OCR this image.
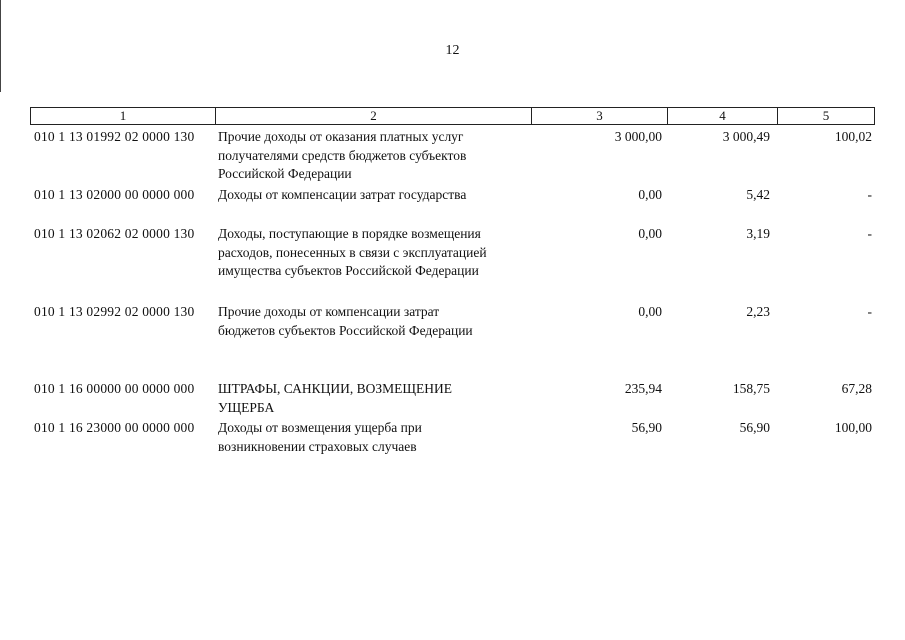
12
1	2	3	4	5
010 1 13 01992 02 0000 130 Прочие доходы от оказания платных услуг
получателями средств бюджетов субъектов
Российской Федерации
3 000,00	3 000,49	100,02
010 1 13 02000 00 0000 000 Доходы от компенсации затрат государства	0,00	5,42	-
010 1 13 02062 02 0000 130 Доходы, поступающие в порядке возмещения
расходов, понесенных в связи с эксплуатацией
имущества субъектов Российской Федерации
0,00	3,19	-
010 1 13 02992 02 0000 130 Прочие доходы от компенсации затрат
бюджетов субъектов Российской Федерации
0,00	2,23	-
010 1 16 00000 00 0000 000 ШТРАФЫ, САНКЦИИ, ВОЗМЕЩЕНИЕ
УЩЕРБА
235,94	158,75	67,28
010 1 16 23000 00 0000 000 Доходы от возмещения ущерба при
возникновении страховых случаев
56,90	56,90	100,00
